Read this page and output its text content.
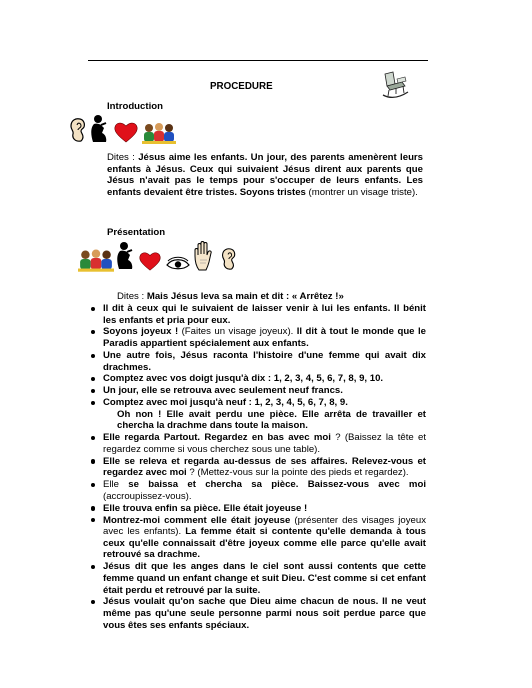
PROCEDURE
Introduction
Dites : Jésus aime les enfants. Un jour, des parents amenèrent leurs enfants à Jésus. Ceux qui suivaient Jésus dirent aux parents que Jésus n'avait pas le temps pour s'occuper de leurs enfants. Les enfants devaient être tristes. Soyons tristes (montrer un visage triste).
Présentation
Dites : Mais Jésus leva sa main et dit : « Arrêtez !»
Il dit à ceux qui le suivaient de laisser venir à lui les enfants. Il bénit les enfants et pria pour eux.
Soyons joyeux ! (Faites un visage joyeux). Il dit à tout le monde que le Paradis appartient spécialement aux enfants.
Une autre fois, Jésus raconta l'histoire d'une femme qui avait dix drachmes.
Comptez avec vos doigt jusqu'à dix : 1, 2, 3, 4, 5, 6, 7, 8, 9, 10.
Un jour, elle se retrouva avec seulement neuf francs.
Comptez avec moi jusqu'à neuf : 1, 2, 3, 4, 5, 6, 7, 8, 9.
Oh non ! Elle avait perdu une pièce. Elle arrêta de travailler et chercha la drachme dans toute la maison.
Elle regarda Partout. Regardez en bas avec moi ? (Baissez la tête et regardez comme si vous cherchez sous une table).
Elle se releva et regarda au-dessus de ses affaires. Relevez-vous et regardez avec moi ? (Mettez-vous sur la pointe des pieds et regardez).
Elle se baissa et chercha sa pièce. Baissez-vous avec moi (accroupissez-vous).
Elle trouva enfin sa pièce. Elle était joyeuse !
Montrez-moi comment elle était joyeuse (présenter des visages joyeux avec les enfants). La femme était si contente qu'elle demanda à tous ceux qu'elle connaissait d'être joyeux comme elle parce qu'elle avait retrouvé sa drachme.
Jésus dit que les anges dans le ciel sont aussi contents que cette femme quand un enfant change et suit Dieu. C'est comme si cet enfant était perdu et retrouvé par la suite.
Jésus voulait qu'on sache que Dieu aime chacun de nous. Il ne veut même pas qu'une seule personne parmi nous soit perdue parce que vous êtes ses enfants spéciaux.
